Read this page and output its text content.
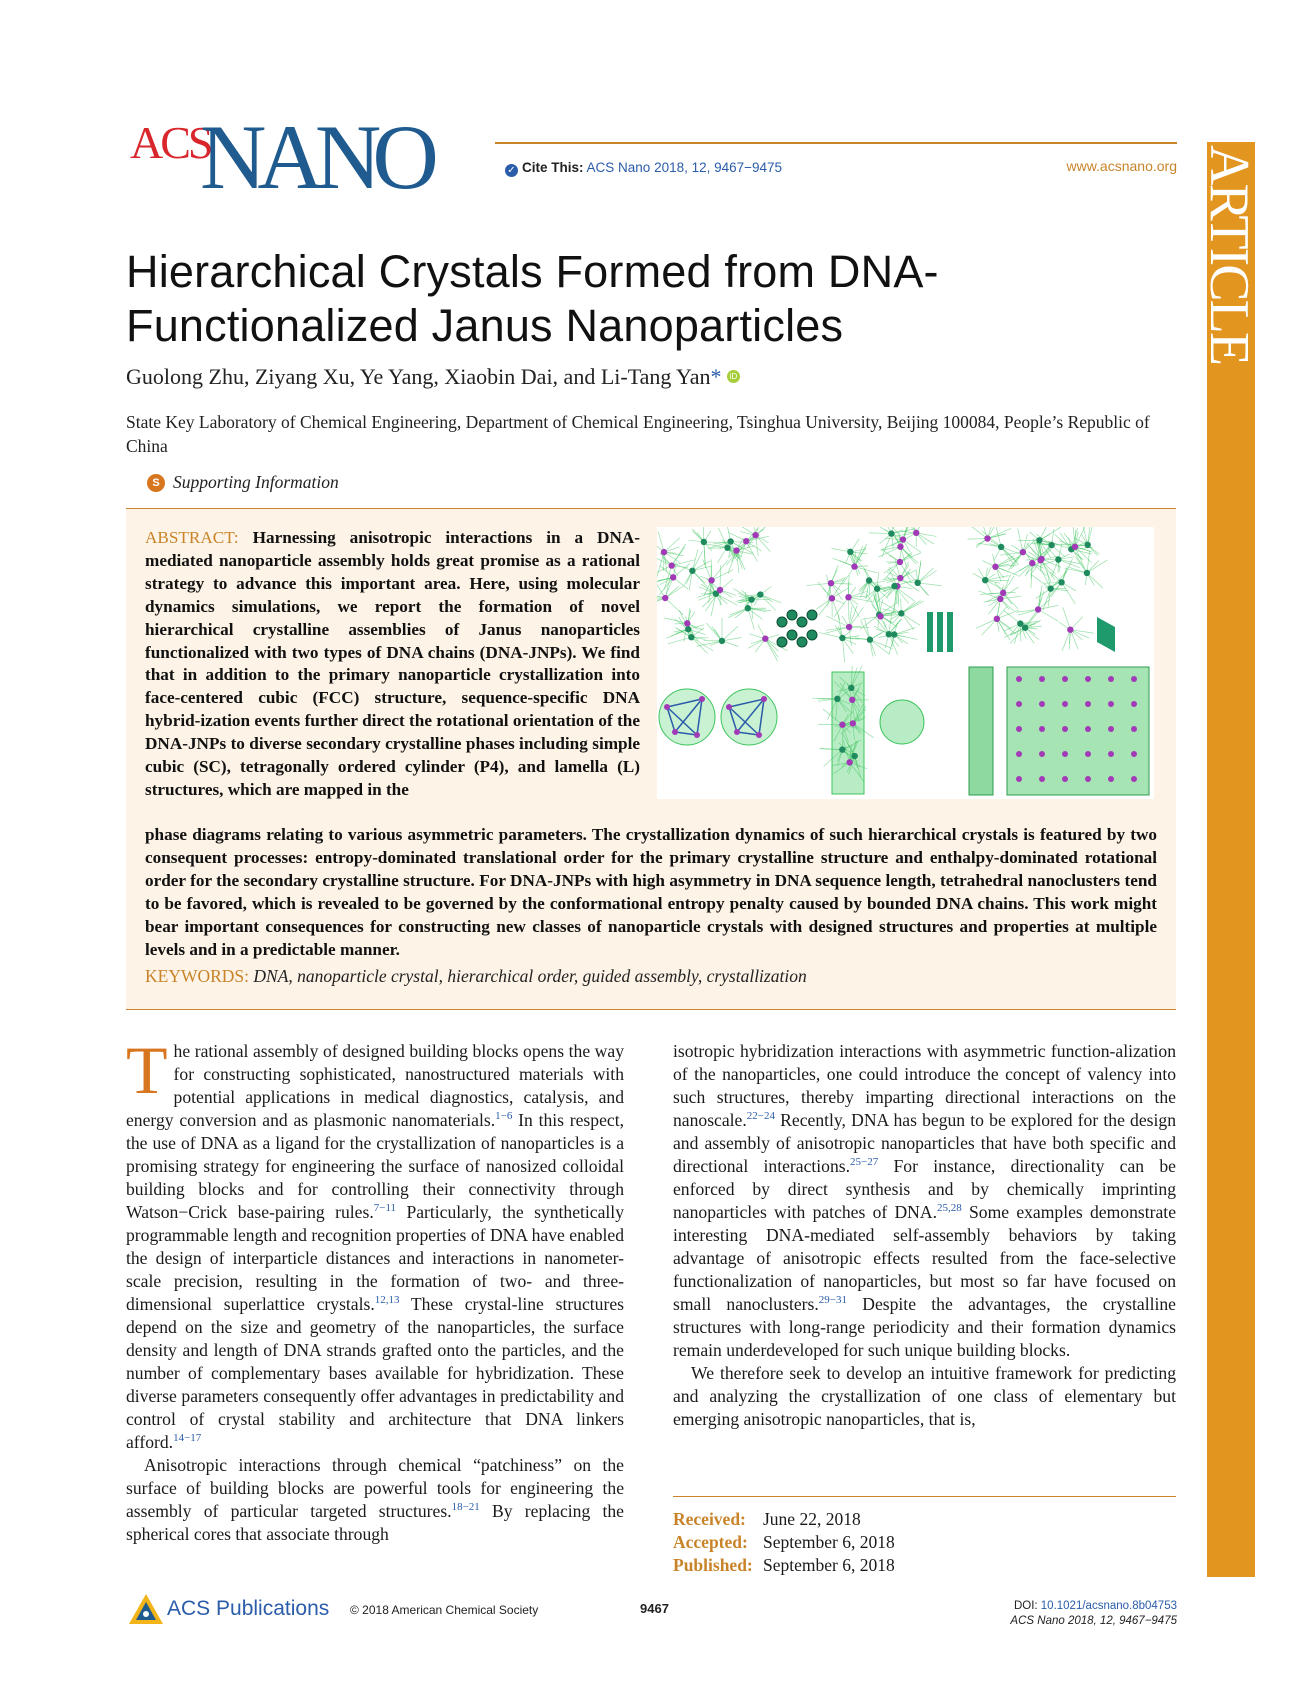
ACS
NANO	✓ Cite This: ACS Nano 2018, 12, 9467−9475	www.acsnano.org ARTICLE
Hierarchical Crystals Formed from DNA-Functionalized Janus Nanoparticles
Guolong Zhu, Ziyang Xu, Ye Yang, Xiaobin Dai, and Li-Tang Yan* iD
State Key Laboratory of Chemical Engineering, Department of Chemical Engineering, Tsinghua University, Beijing 100084, People’s Republic of China
S Supporting Information
ABSTRACT: Harnessing anisotropic interactions in a DNA-mediated nanoparticle assembly holds great promise as a rational strategy to advance this important area. Here, using molecular dynamics simulations, we report the formation of novel hierarchical crystalline assemblies of Janus nanoparticles functionalized with two types of DNA chains (DNA-JNPs). We find that in addition to the primary nanoparticle crystallization into face-centered cubic (FCC) structure, sequence-specific DNA hybrid-ization events further direct the rotational orientation of the DNA-JNPs to diverse secondary crystalline phases including simple cubic (SC), tetragonally ordered cylinder (P4), and lamella (L) structures, which are mapped in the
phase diagrams relating to various asymmetric parameters. The crystallization dynamics of such hierarchical crystals is featured by two consequent processes: entropy-dominated translational order for the primary crystalline structure and enthalpy-dominated rotational order for the secondary crystalline structure. For DNA-JNPs with high asymmetry in DNA sequence length, tetrahedral nanoclusters tend to be favored, which is revealed to be governed by the conformational entropy penalty caused by bounded DNA chains. This work might bear important consequences for constructing new classes of nanoparticle crystals with designed structures and properties at multiple levels and in a predictable manner.
KEYWORDS: DNA, nanoparticle crystal, hierarchical order, guided assembly, crystallization

The rational assembly of designed building blocks opens the way for constructing sophisticated, nanostructured materials with potential applications in medical diagnostics, catalysis, and energy conversion and as plasmonic nanomaterials.$^{1-6}$ In this respect, the use of DNA as a ligand for the crystallization of nanoparticles is a promising strategy for engineering the surface of nanosized colloidal building blocks and for controlling their connectivity through Watson−Crick base-pairing rules.$^{7-11}$ Particularly, the synthetically programmable length and recognition properties of DNA have enabled the design of interparticle distances and interactions in nanometer-scale precision, resulting in the formation of two- and three-dimensional superlattice crystals.$^{12,13}$ These crystal-line structures depend on the size and geometry of the nanoparticles, the surface density and length of DNA strands grafted onto the particles, and the number of complementary bases available for hybridization. These diverse parameters consequently offer advantages in predictability and control of crystal stability and architecture that DNA linkers afford.$^{14-17}$

Anisotropic interactions through chemical “patchiness” on the surface of building blocks are powerful tools for engineering the assembly of particular targeted structures.$^{18-21}$ By replacing the spherical cores that associate through

isotropic hybridization interactions with asymmetric function-alization of the nanoparticles, one could introduce the concept of valency into such structures, thereby imparting directional interactions on the nanoscale.$^{22-24}$ Recently, DNA has begun to be explored for the design and assembly of anisotropic nanoparticles that have both specific and directional interactions.$^{25-27}$ For instance, directionality can be enforced by direct synthesis and by chemically imprinting nanoparticles with patches of DNA.$^{25,28}$ Some examples demonstrate interesting DNA-mediated self-assembly behaviors by taking advantage of anisotropic effects resulted from the face-selective functionalization of nanoparticles, but most so far have focused on small nanoclusters.$^{29-31}$ Despite the advantages, the crystalline structures with long-range periodicity and their formation dynamics remain underdeveloped for such unique building blocks.

We therefore seek to develop an intuitive framework for predicting and analyzing the crystallization of one class of elementary but emerging anisotropic nanoparticles, that is,

Received: June 22, 2018
Accepted: September 6, 2018
Published: September 6, 2018
ACS Publications © 2018 American Chemical Society	9467	DOI: 10.1021/acsnano.8b04753
ACS Nano 2018, 12, 9467−9475
